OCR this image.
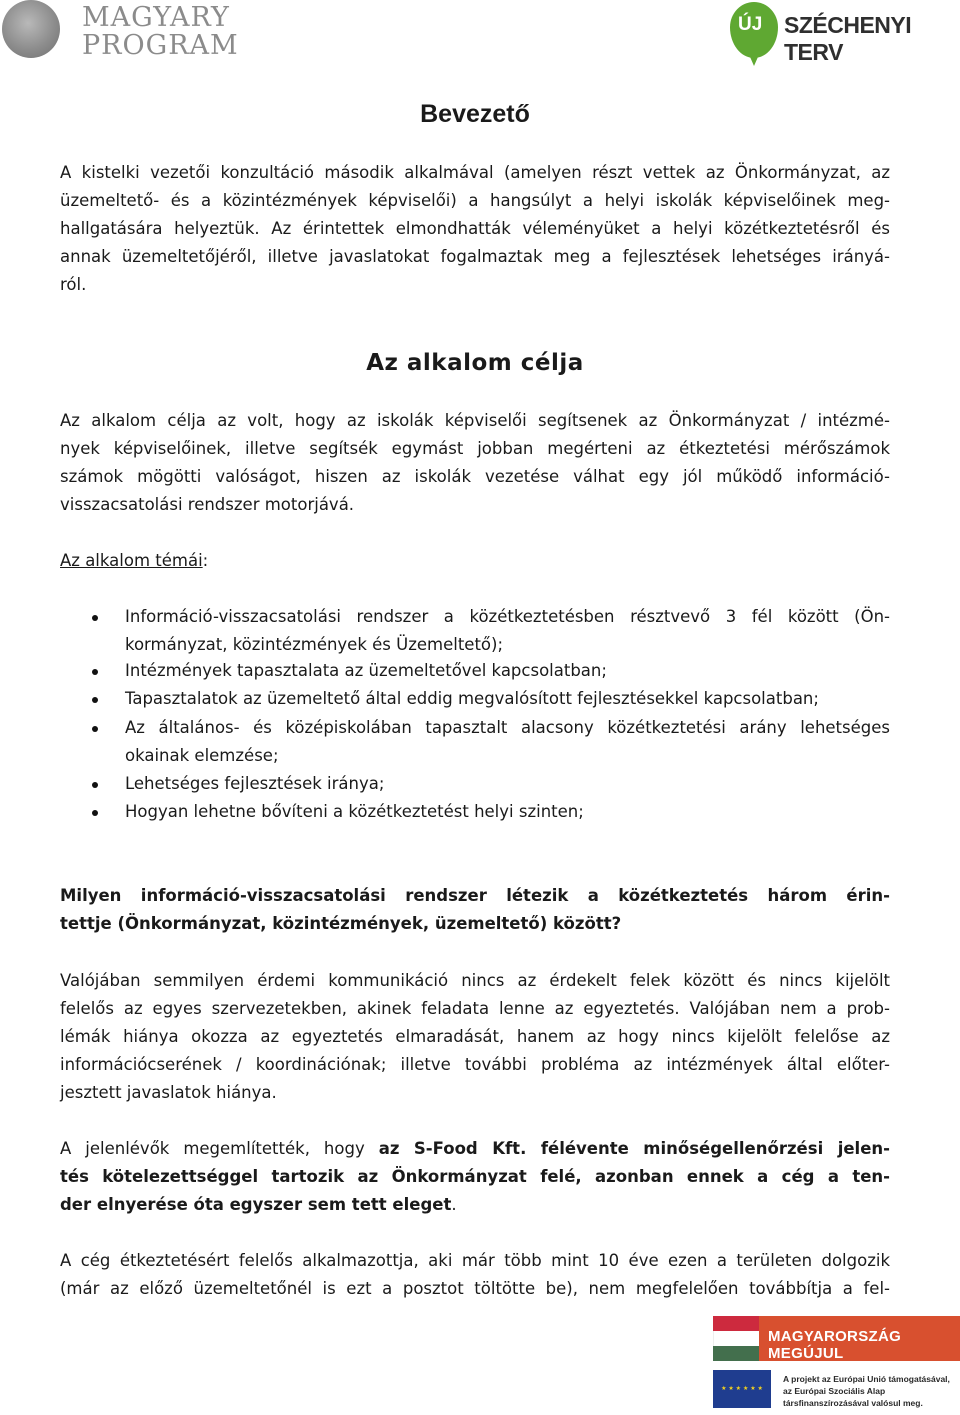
MAGYARY
PROGRAM
ÚJ SZÉCHENYI TERV
Bevezető
A kistelki vezetői konzultáció második alkalmával (amelyen részt vettek az Önkormányzat, az
üzemeltető- és a közintézmények képviselői) a hangsúlyt a helyi iskolák képviselőinek meg-
hallgatására helyeztük. Az érintettek elmondhatták véleményüket a helyi közétkeztetésről és
annak üzemeltetőjéről, illetve javaslatokat fogalmaztak meg a fejlesztések lehetséges irányá-
ról.
Az alkalom célja
Az alkalom célja az volt, hogy az iskolák képviselői segítsenek az Önkormányzat / intézmé-
nyek képviselőinek, illetve segítsék egymást jobban megérteni az étkeztetési mérőszámok
számok mögötti valóságot, hiszen az iskolák vezetése válhat egy jól működő információ-
visszacsatolási rendszer motorjává.
Az alkalom témái:
Információ-visszacsatolási rendszer a közétkeztetésben résztvevő 3 fél között (Ön-
kormányzat, közintézmények és Üzemeltető);
Intézmények tapasztalata az üzemeltetővel kapcsolatban;
Tapasztalatok az üzemeltető által eddig megvalósított fejlesztésekkel kapcsolatban;
Az általános- és középiskolában tapasztalt alacsony közétkeztetési arány lehetséges
okainak elemzése;
Lehetséges fejlesztések iránya;
Hogyan lehetne bővíteni a közétkeztetést helyi szinten;
Milyen információ-visszacsatolási rendszer létezik a közétkeztetés három érin-
tettje (Önkormányzat, közintézmények, üzemeltető) között?
Valójában semmilyen érdemi kommunikáció nincs az érdekelt felek között és nincs kijelölt
felelős az egyes szervezetekben, akinek feladata lenne az egyeztetés. Valójában nem a prob-
lémák hiánya okozza az egyeztetés elmaradását, hanem az hogy nincs kijelölt felelőse az
információcserének / koordinációnak; illetve további probléma az intézmények által előter-
jesztett javaslatok hiánya.
A jelenlévők megemlítették, hogy az S-Food Kft. félévente minőségellenőrzési jelen-
tés kötelezettséggel tartozik az Önkormányzat felé, azonban ennek a cég a ten-
der elnyerése óta egyszer sem tett eleget.
A cég étkeztetésért felelős alkalmazottja, aki már több mint 10 éve ezen a területen dolgozik
(már az előző üzemeltetőnél is ezt a posztot töltötte be), nem megfelelően továbbítja a fel-
MAGYARORSZÁG MEGÚJUL
★ ★ ★ ★ ★ ★
A projekt az Európai Unió támogatásával,
az Európai Szociális Alap
társfinanszírozásával valósul meg.
